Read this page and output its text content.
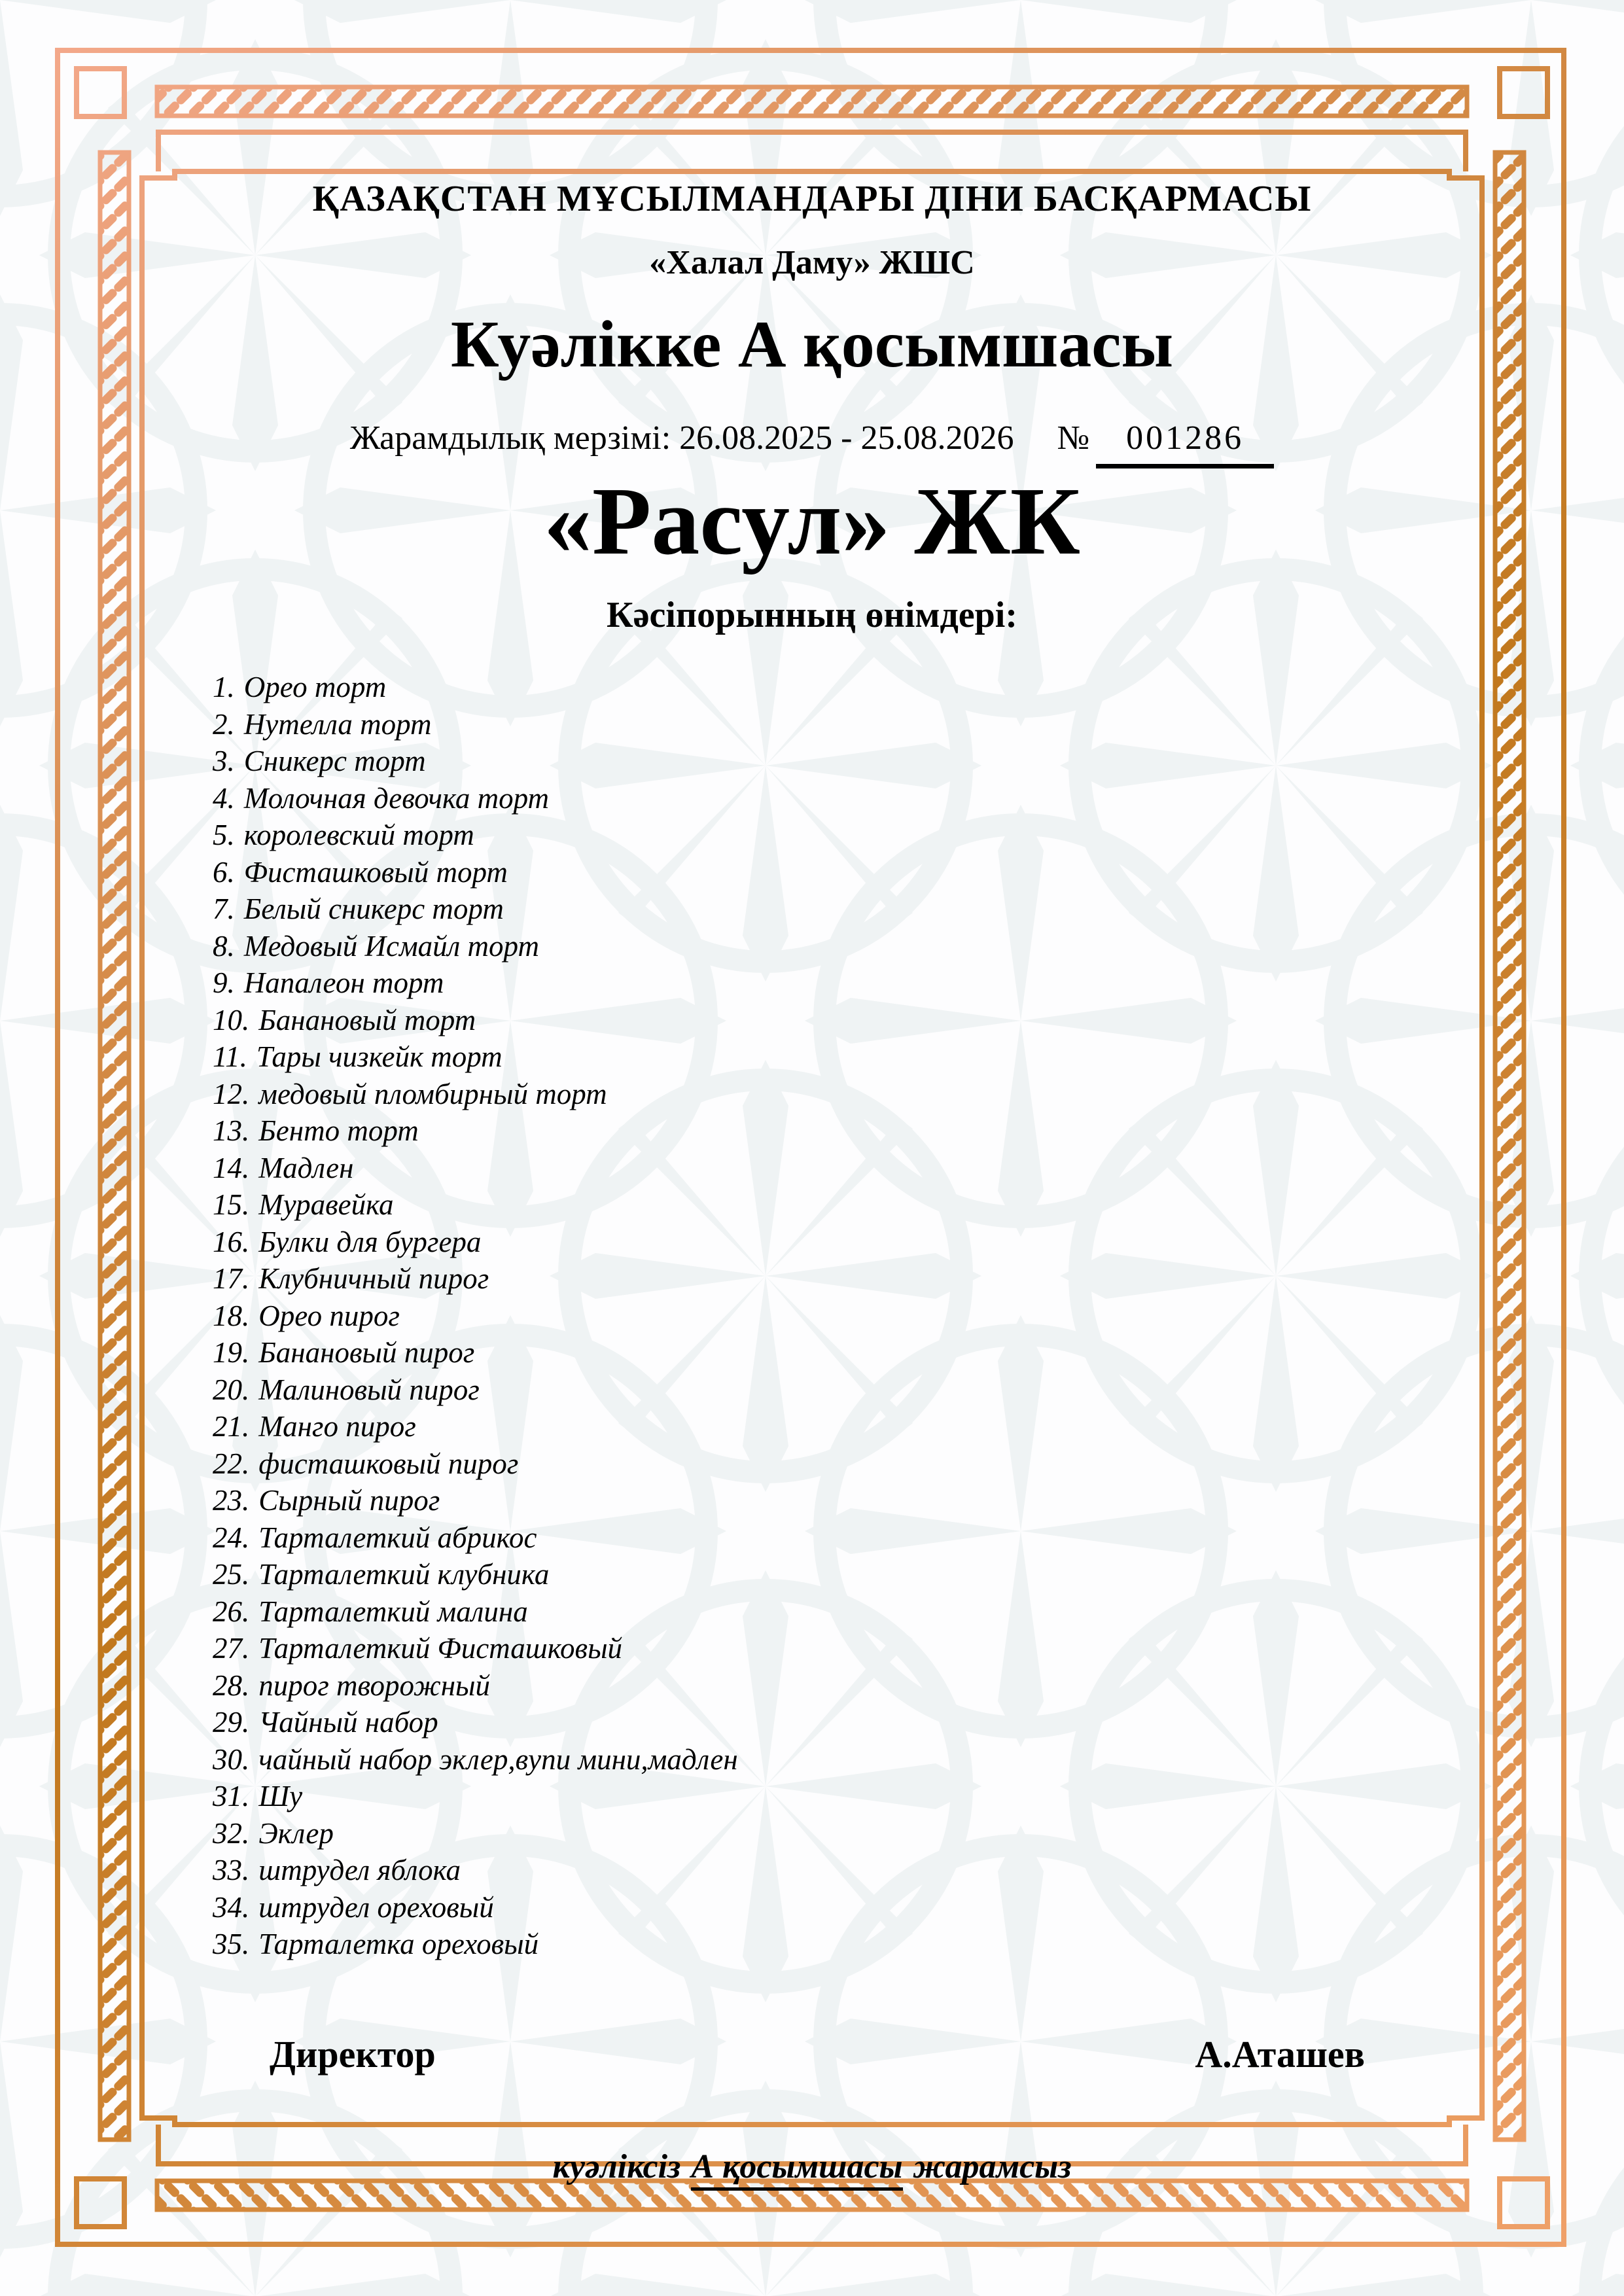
ҚАЗАҚСТАН МҰСЫЛМАНДАРЫ ДІНИ БАСҚАРМАСЫ
«Халал Даму» ЖШС
Куәлікке А қосымшасы
Жарамдылық мерзімі: 26.08.2025 - 25.08.2026 №	001286
«Расул» ЖК
Кәсіпорынның өнімдері:
Орео торт
Нутелла торт
Сникерс торт
Молочная девочка торт
королевский торт
Фисташковый торт
Белый сникерс торт
Медовый Исмайл торт
Напалеон торт
Банановый торт
Тары чизкейк торт
медовый пломбирный торт
Бенто торт
Мадлен
Муравейка
Булки для бургера
Клубничный пирог
Орео пирог
Банановый пирог
Малиновый пирог
Манго пирог
фисташковый пирог
Сырный пирог
Тарталеткий абрикос
Тарталеткий клубника
Тарталеткий малина
Тарталеткий Фисташковый
пирог творожный
Чайный набор
чайный набор эклер,вупи мини,мадлен
Шу
Эклер
штрудел яблока
штрудел ореховый
Тарталетка ореховый
Директор	А.Аташев
куәліксіз А қосымшасы жарамсыз
